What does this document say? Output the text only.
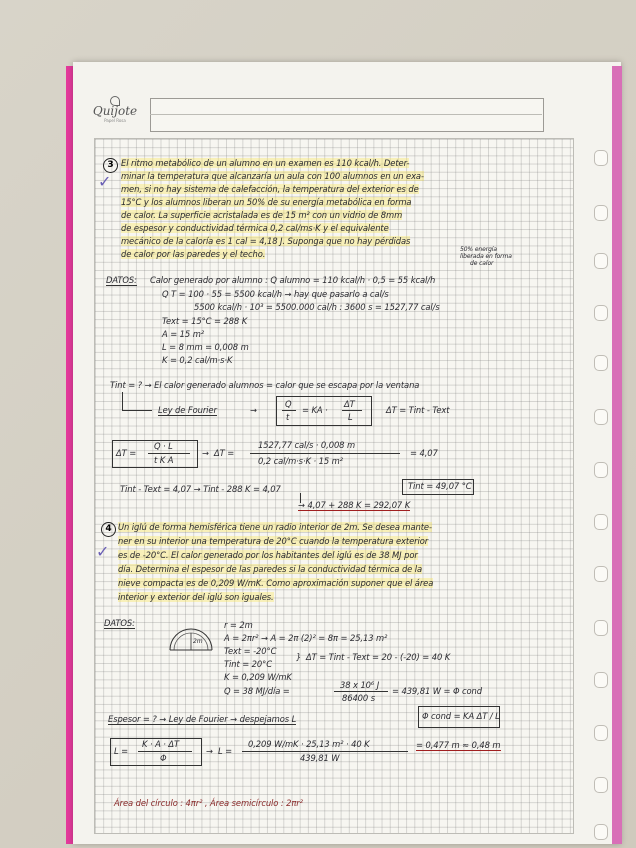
Quijote
Papel Rosa
3
✓
El ritmo metabólico de un alumno en un examen es 110 kcal/h. Deter-
minar la temperatura que alcanzaría un aula con 100 alumnos en un exa-
men, si no hay sistema de calefacción, la temperatura del exterior es de
15°C y los alumnos liberan un 50% de su energía metabólica en forma
de calor. La superficie acristalada es de 15 m² con un vidrio de 8mm
de espesor y conductividad térmica 0,2 cal/ms·K y el equivalente
mecánico de la caloría es 1 cal = 4,18 J. Suponga que no hay pérdidas
de calor por las paredes y el techo.	50% energía
liberada en forma
de calor
DATOS: Calor generado por alumno : Q alumno = 110 kcal/h · 0,5 = 55 kcal/h
Q T = 100 · 55 = 5500 kcal/h → hay que pasarlo a cal/s
5500 kcal/h · 10³ = 5500.000 cal/h : 3600 s = 1527,77 cal/s
Text = 15°C = 288 K
A = 15 m²
L = 8 mm = 0,008 m
K = 0,2 cal/m·s·K
Tint = ? → El calor generado alumnos = calor que se escapa por la ventana
Ley de Fourier	→
Q
t
= KA ·
ΔT
L
ΔT = Tint - Text
ΔT =
Q · L
t K A
→ ΔT =
1527,77 cal/s · 0,008 m
0,2 cal/m·s·K · 15 m²
= 4,07
Tint - Text = 4,07 → Tint - 288 K = 4,07	Tint = 49,07 °C
→ 4,07 + 288 K = 292,07 K
4
✓
Un iglú de forma hemisférica tiene un radio interior de 2m. Se desea mante-
ner en su interior una temperatura de 20°C cuando la temperatura exterior
es de -20°C. El calor generado por los habitantes del iglú es de 38 MJ por
día. Determina el espesor de las paredes si la conductividad térmica de la
nieve compacta es de 0,209 W/mK. Como aproximación suponer que el área
interior y exterior del iglú son iguales.
DATOS:
2m
r = 2m
A = 2πr² → A = 2π (2)² = 8π = 25,13 m²
Text = -20°C
Tint = 20°C
} ΔT = Tint - Text = 20 - (-20) = 40 K
K = 0,209 W/mK
Q = 38 MJ/día =
38 x 10⁶ J
86400 s
= 439,81 W = Φ cond
Espesor = ? → Ley de Fourier → despejamos L	Φ cond = KA ΔT / L
L =
K · A · ΔT
Φ
→ L =
0,209 W/mK · 25,13 m² · 40 K
439,81 W
= 0,477 m ≈ 0,48 m
Área del círculo : 4πr² , Área semicírculo : 2πr²
